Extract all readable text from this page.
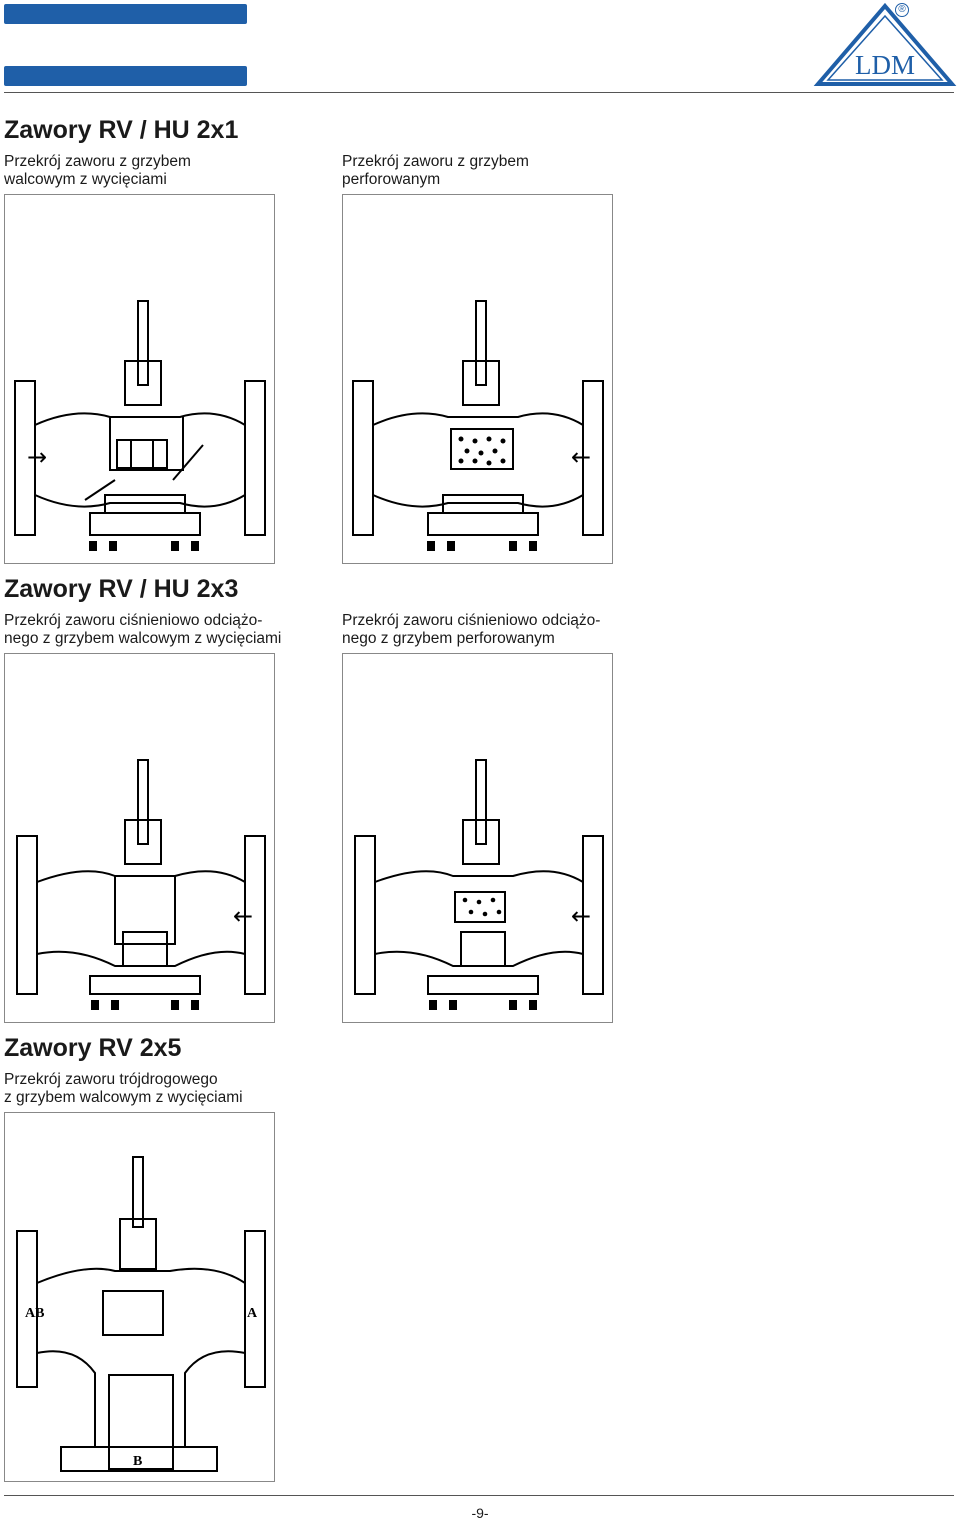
LDM
®
Zawory RV / HU 2x1
Przekrój zaworu z grzybem
walcowym z wycięciami
Przekrój zaworu z grzybem
perforowanym
→	←
Zawory RV / HU 2x3
Przekrój zaworu ciśnieniowo odciążo-
nego z grzybem walcowym z wycięciami
Przekrój zaworu ciśnieniowo odciążo-
nego z grzybem perforowanym
←	←
Zawory RV 2x5
Przekrój zaworu trójdrogowego
z grzybem walcowym z wycięciami
AB	A
B
-9-
